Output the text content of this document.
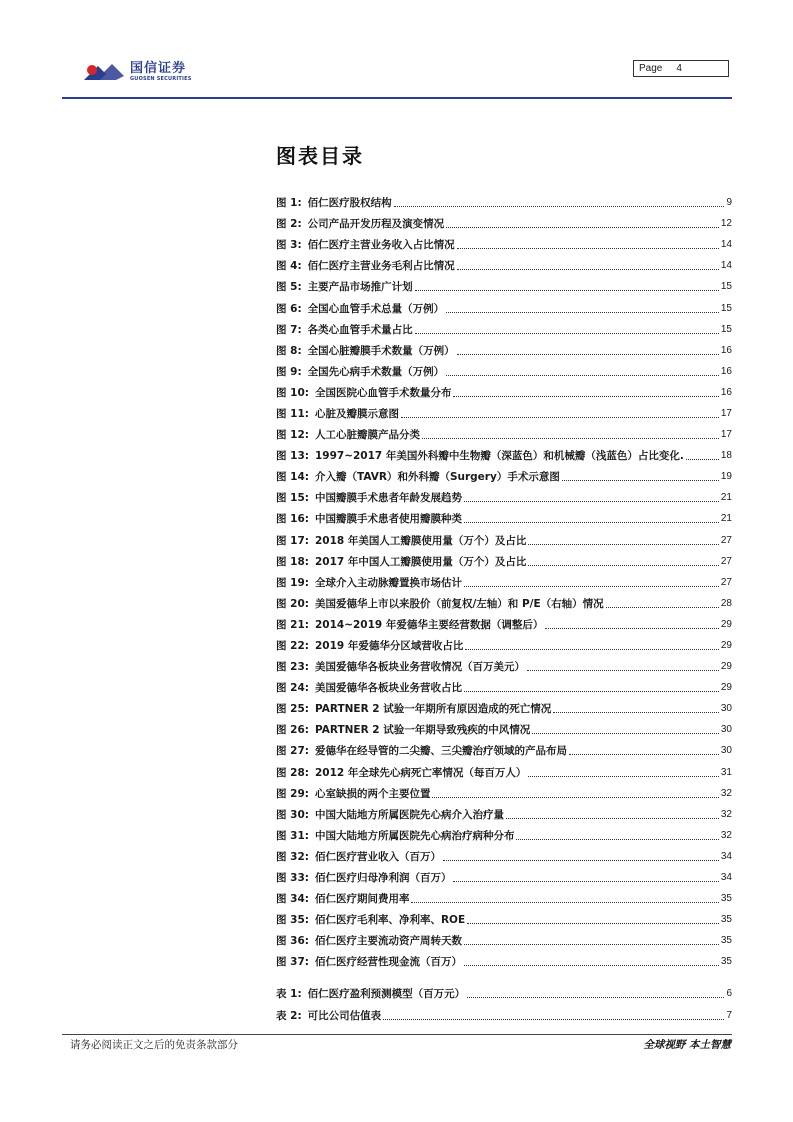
国信证券
GUOSEN SECURITIES
Page 4
图表目录
图 1: 佰仁医疗股权结构	9
图 2: 公司产品开发历程及演变情况	12
图 3: 佰仁医疗主营业务收入占比情况	14
图 4: 佰仁医疗主营业务毛利占比情况	14
图 5: 主要产品市场推广计划	15
图 6: 全国心血管手术总量（万例）	15
图 7: 各类心血管手术量占比	15
图 8: 全国心脏瓣膜手术数量（万例）	16
图 9: 全国先心病手术数量（万例）	16
图 10: 全国医院心血管手术数量分布	16
图 11: 心脏及瓣膜示意图	17
图 12: 人工心脏瓣膜产品分类	17
图 13: 1997~2017 年美国外科瓣中生物瓣（深蓝色）和机械瓣（浅蓝色）占比变化.	18
图 14: 介入瓣（TAVR）和外科瓣（Surgery）手术示意图	19
图 15: 中国瓣膜手术患者年龄发展趋势	21
图 16: 中国瓣膜手术患者使用瓣膜种类	21
图 17: 2018 年美国人工瓣膜使用量（万个）及占比	27
图 18: 2017 年中国人工瓣膜使用量（万个）及占比	27
图 19: 全球介入主动脉瓣置换市场估计	27
图 20: 美国爱德华上市以来股价（前复权/左轴）和 P/E（右轴）情况	28
图 21: 2014~2019 年爱德华主要经营数据（调整后）	29
图 22: 2019 年爱德华分区域营收占比	29
图 23: 美国爱德华各板块业务营收情况（百万美元）	29
图 24: 美国爱德华各板块业务营收占比	29
图 25: PARTNER 2 试验一年期所有原因造成的死亡情况	30
图 26: PARTNER 2 试验一年期导致残疾的中风情况	30
图 27: 爱德华在经导管的二尖瓣、三尖瓣治疗领域的产品布局	30
图 28: 2012 年全球先心病死亡率情况（每百万人）	31
图 29: 心室缺损的两个主要位置	32
图 30: 中国大陆地方所属医院先心病介入治疗量	32
图 31: 中国大陆地方所属医院先心病治疗病种分布	32
图 32: 佰仁医疗营业收入（百万）	34
图 33: 佰仁医疗归母净利润（百万）	34
图 34: 佰仁医疗期间费用率	35
图 35: 佰仁医疗毛利率、净利率、ROE	35
图 36: 佰仁医疗主要流动资产周转天数	35
图 37: 佰仁医疗经营性现金流（百万）	35
表 1: 佰仁医疗盈利预测模型（百万元）	6
表 2: 可比公司估值表	7
请务必阅读正文之后的免责条款部分	全球视野 本土智慧
